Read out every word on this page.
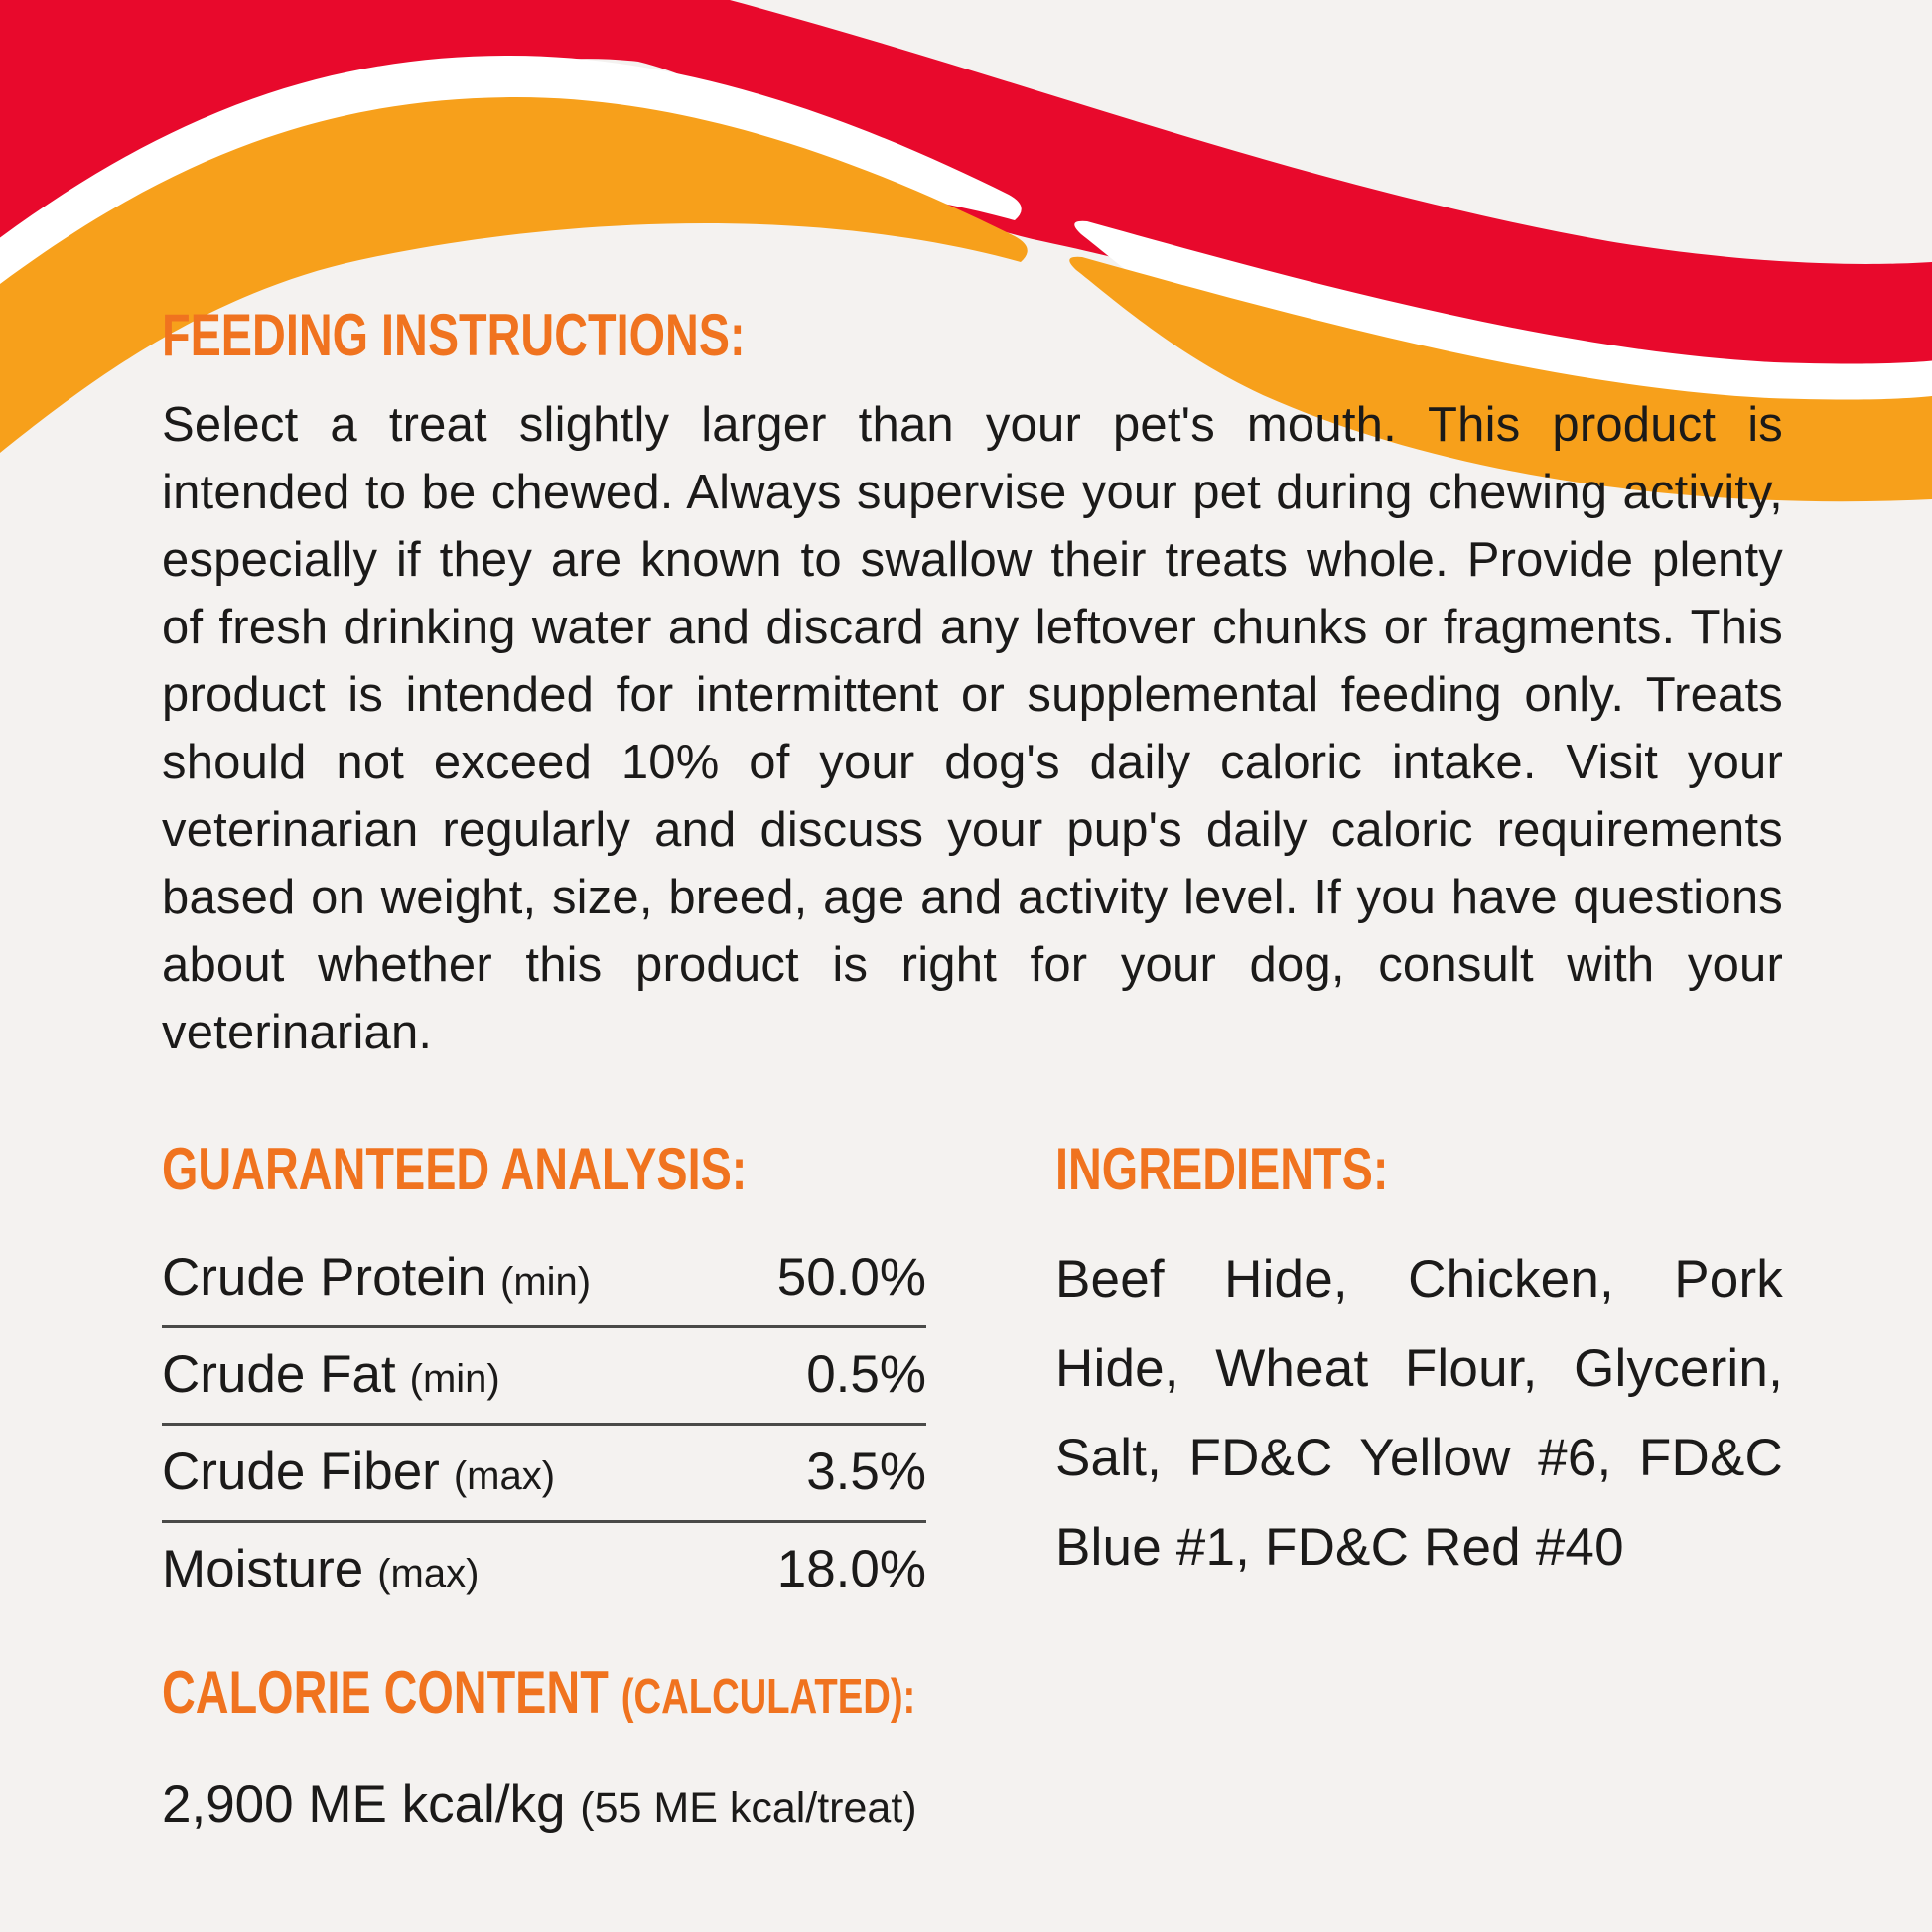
FEEDING INSTRUCTIONS:

Select a treat slightly larger than your pet's mouth. This product is intended to be chewed. Always supervise your pet during chewing activity, especially if they are known to swallow their treats whole. Provide plenty of fresh drinking water and discard any leftover chunks or fragments. This product is intended for intermittent or supplemental feeding only. Treats should not exceed 10% of your dog's daily caloric intake. Visit your veterinarian regularly and discuss your pup's daily caloric requirements based on weight, size, breed, age and activity level. If you have questions about whether this product is right for your dog, consult with your veterinarian.

GUARANTEED ANALYSIS:
Crude Protein (min)	50.0%
Crude Fat (min)	0.5%
Crude Fiber (max)	3.5%
Moisture (max)	18.0%
CALORIE CONTENT (CALCULATED):
2,900 ME kcal/kg (55 ME kcal/treat)
INGREDIENTS:

Beef Hide, Chicken, Pork Hide, Wheat Flour, Glycerin, Salt, FD&C Yellow #6, FD&C Blue #1, FD&C Red #40
